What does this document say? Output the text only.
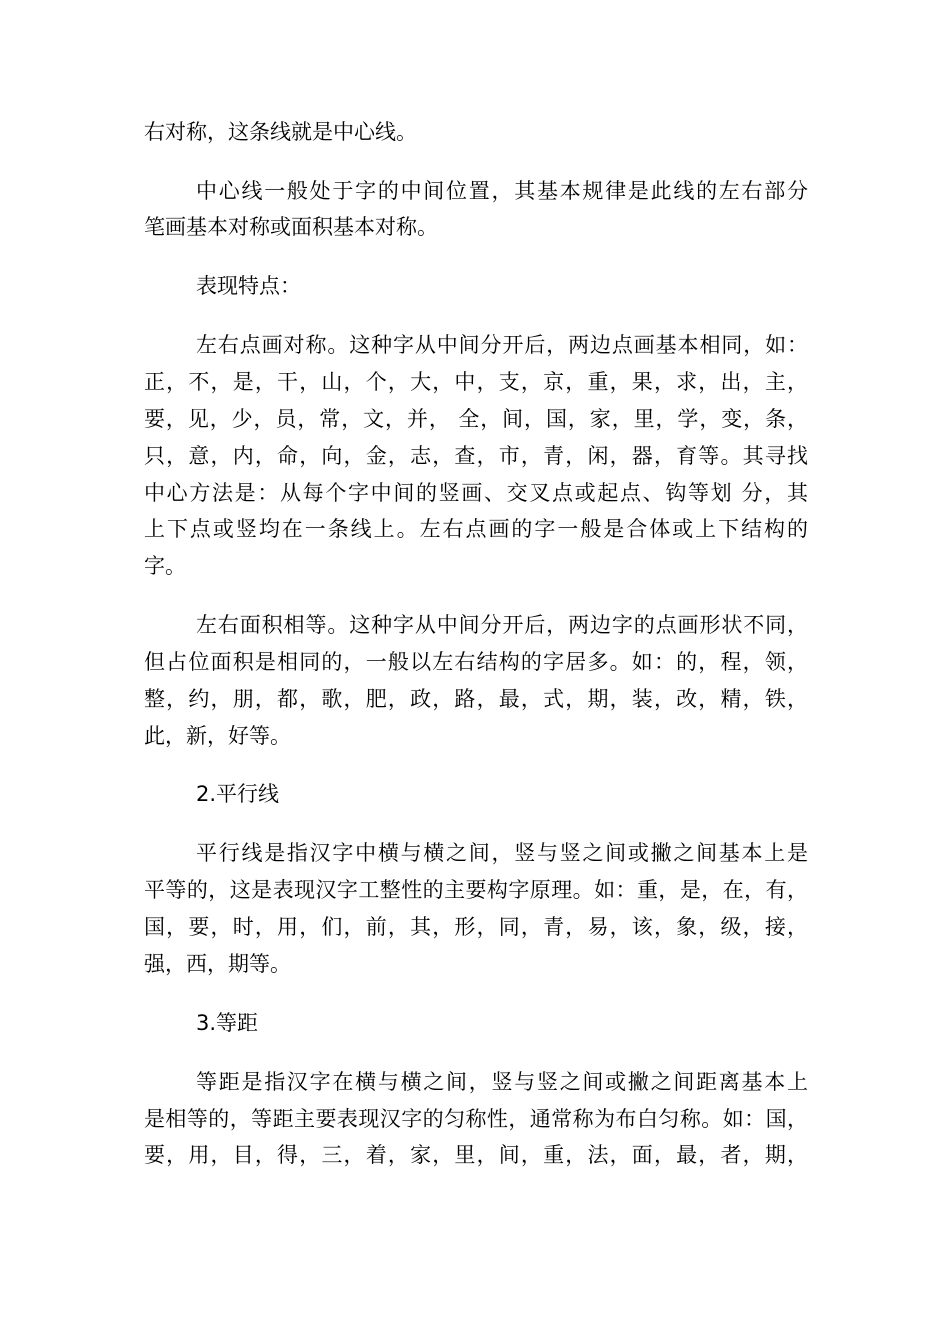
右对称，这条线就是中心线。
中心线一般处于字的中间位置，其基本规律是此线的左右部分
笔画基本对称或面积基本对称。
表现特点：
左右点画对称。这种字从中间分开后，两边点画基本相同，如：
正，不，是，干，山，个，大，中，支，京，重，果，求，出，主，
要，见，少，员，常，文，并， 全，间，国，家，里，学，变，条，
只，意，内，命，向，金，志，查，市，青，闲，器，育等。其寻找
中心方法是：从每个字中间的竖画、交叉点或起点、钩等划 分，其
上下点或竖均在一条线上。左右点画的字一般是合体或上下结构的
字。
左右面积相等。这种字从中间分开后，两边字的点画形状不同，
但占位面积是相同的，一般以左右结构的字居多。如：的，程，领，
整，约，朋，都，歌，肥，政，路，最，式，期，装，改，精，铁，
此，新，好等。
2.平行线
平行线是指汉字中横与横之间，竖与竖之间或撇之间基本上是
平等的，这是表现汉字工整性的主要构字原理。如：重，是，在，有，
国，要，时，用，们，前，其，形，同，青，易，该，象，级，接，
强，西，期等。
3.等距
等距是指汉字在横与横之间，竖与竖之间或撇之间距离基本上
是相等的，等距主要表现汉字的匀称性，通常称为布白匀称。如：国，
要，用，目，得，三，着，家，里，间，重，法，面，最，者，期，
